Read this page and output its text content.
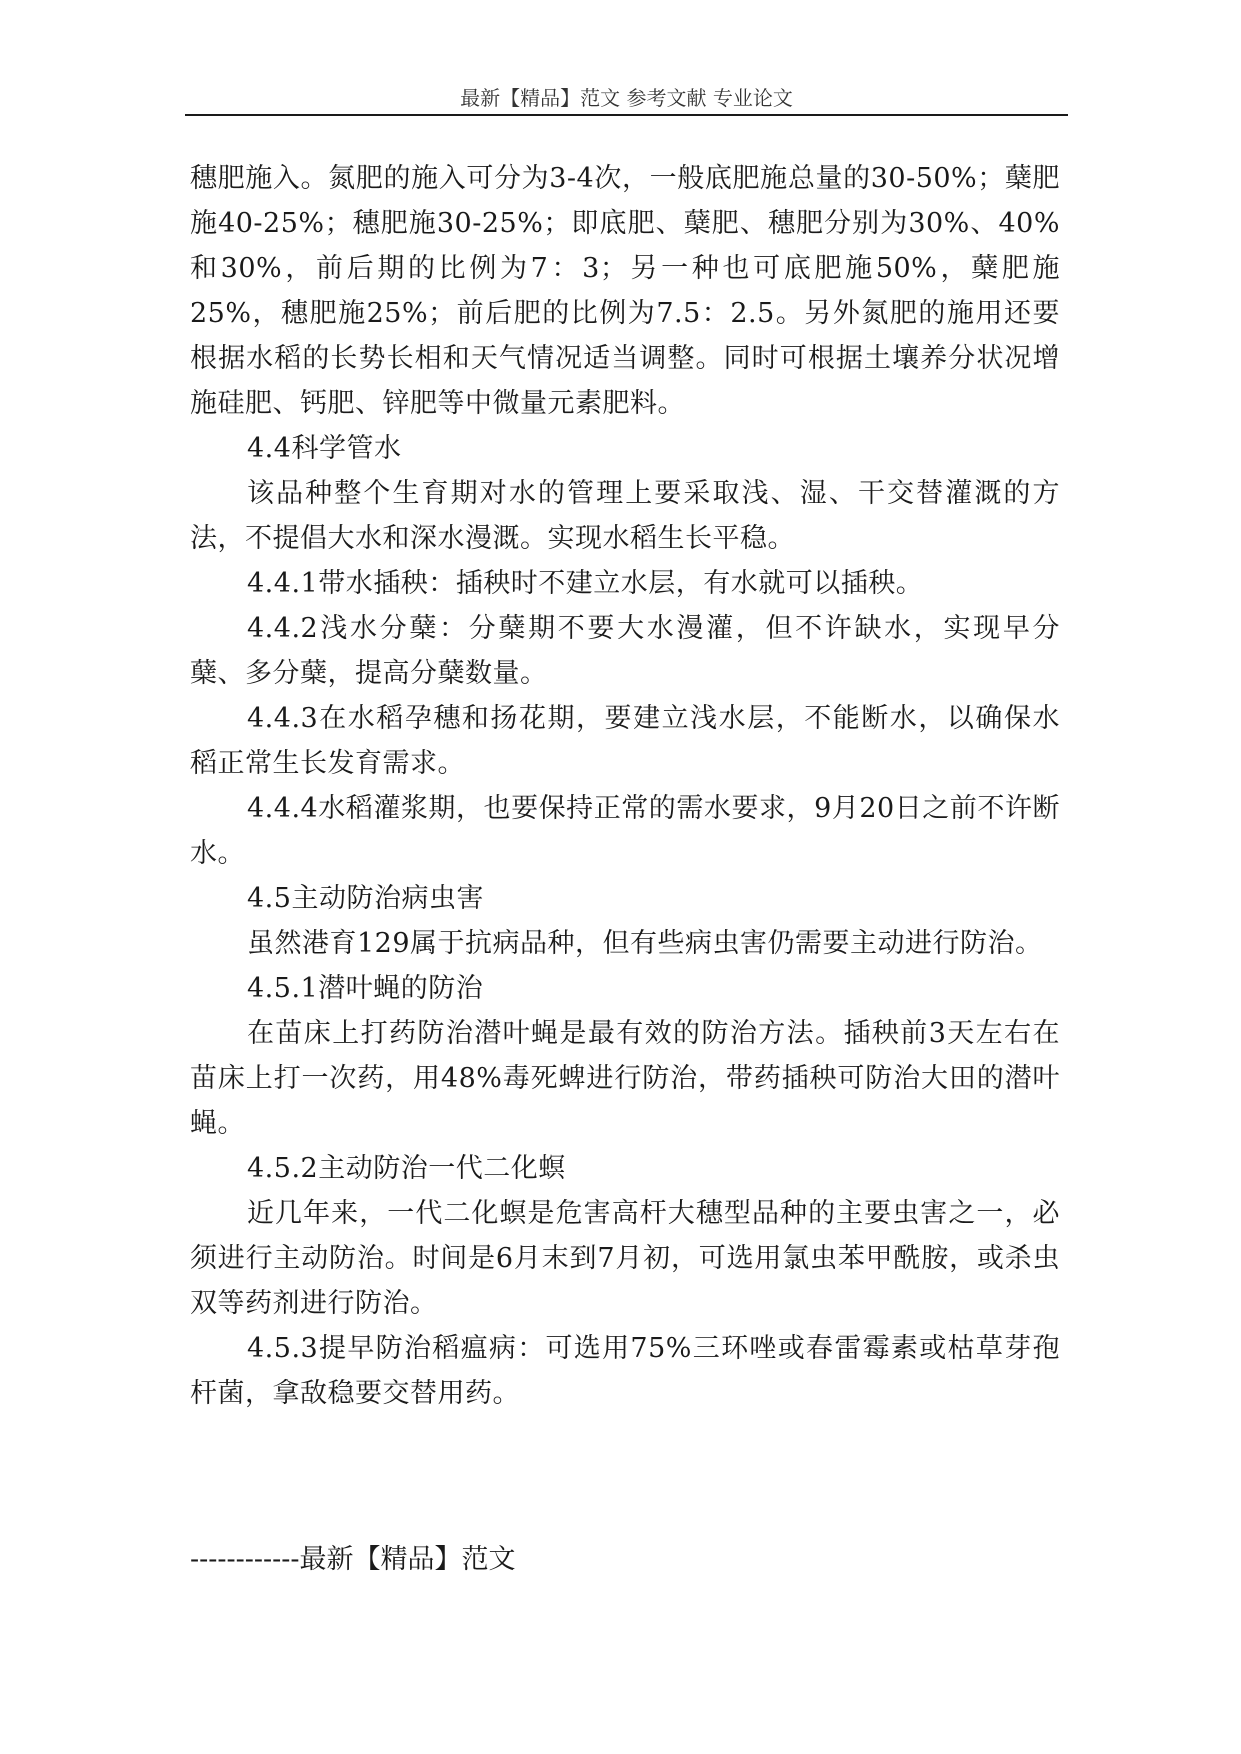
最新【精品】范文 参考文献 专业论文

穗肥施入。氮肥的施入可分为3-4次，一般底肥施总量的30-50%；蘖肥施40-25%；穗肥施30-25%；即底肥、蘖肥、穗肥分别为30%、40%和30%，前后期的比例为7：3；另一种也可底肥施50%，蘖肥施25%，穗肥施25%；前后肥的比例为7.5：2.5。另外氮肥的施用还要根据水稻的长势长相和天气情况适当调整。同时可根据土壤养分状况增施硅肥、钙肥、锌肥等中微量元素肥料。

4.4科学管水

该品种整个生育期对水的管理上要采取浅、湿、干交替灌溉的方法，不提倡大水和深水漫溉。实现水稻生长平稳。

4.4.1带水插秧：插秧时不建立水层，有水就可以插秧。

4.4.2浅水分蘖：分蘖期不要大水漫灌，但不许缺水，实现早分蘖、多分蘖，提高分蘖数量。

4.4.3在水稻孕穗和扬花期，要建立浅水层，不能断水，以确保水稻正常生长发育需求。

4.4.4水稻灌浆期，也要保持正常的需水要求，9月20日之前不许断水。

4.5主动防治病虫害

虽然港育129属于抗病品种，但有些病虫害仍需要主动进行防治。

4.5.1潜叶蝇的防治

在苗床上打药防治潜叶蝇是最有效的防治方法。插秧前3天左右在苗床上打一次药，用48%毒死蜱进行防治，带药插秧可防治大田的潜叶蝇。

4.5.2主动防治一代二化螟

近几年来，一代二化螟是危害高杆大穗型品种的主要虫害之一，必须进行主动防治。时间是6月末到7月初，可选用氯虫苯甲酰胺，或杀虫双等药剂进行防治。

4.5.3提早防治稻瘟病：可选用75%三环唑或春雷霉素或枯草芽孢杆菌，拿敌稳要交替用药。

------------最新【精品】范文
